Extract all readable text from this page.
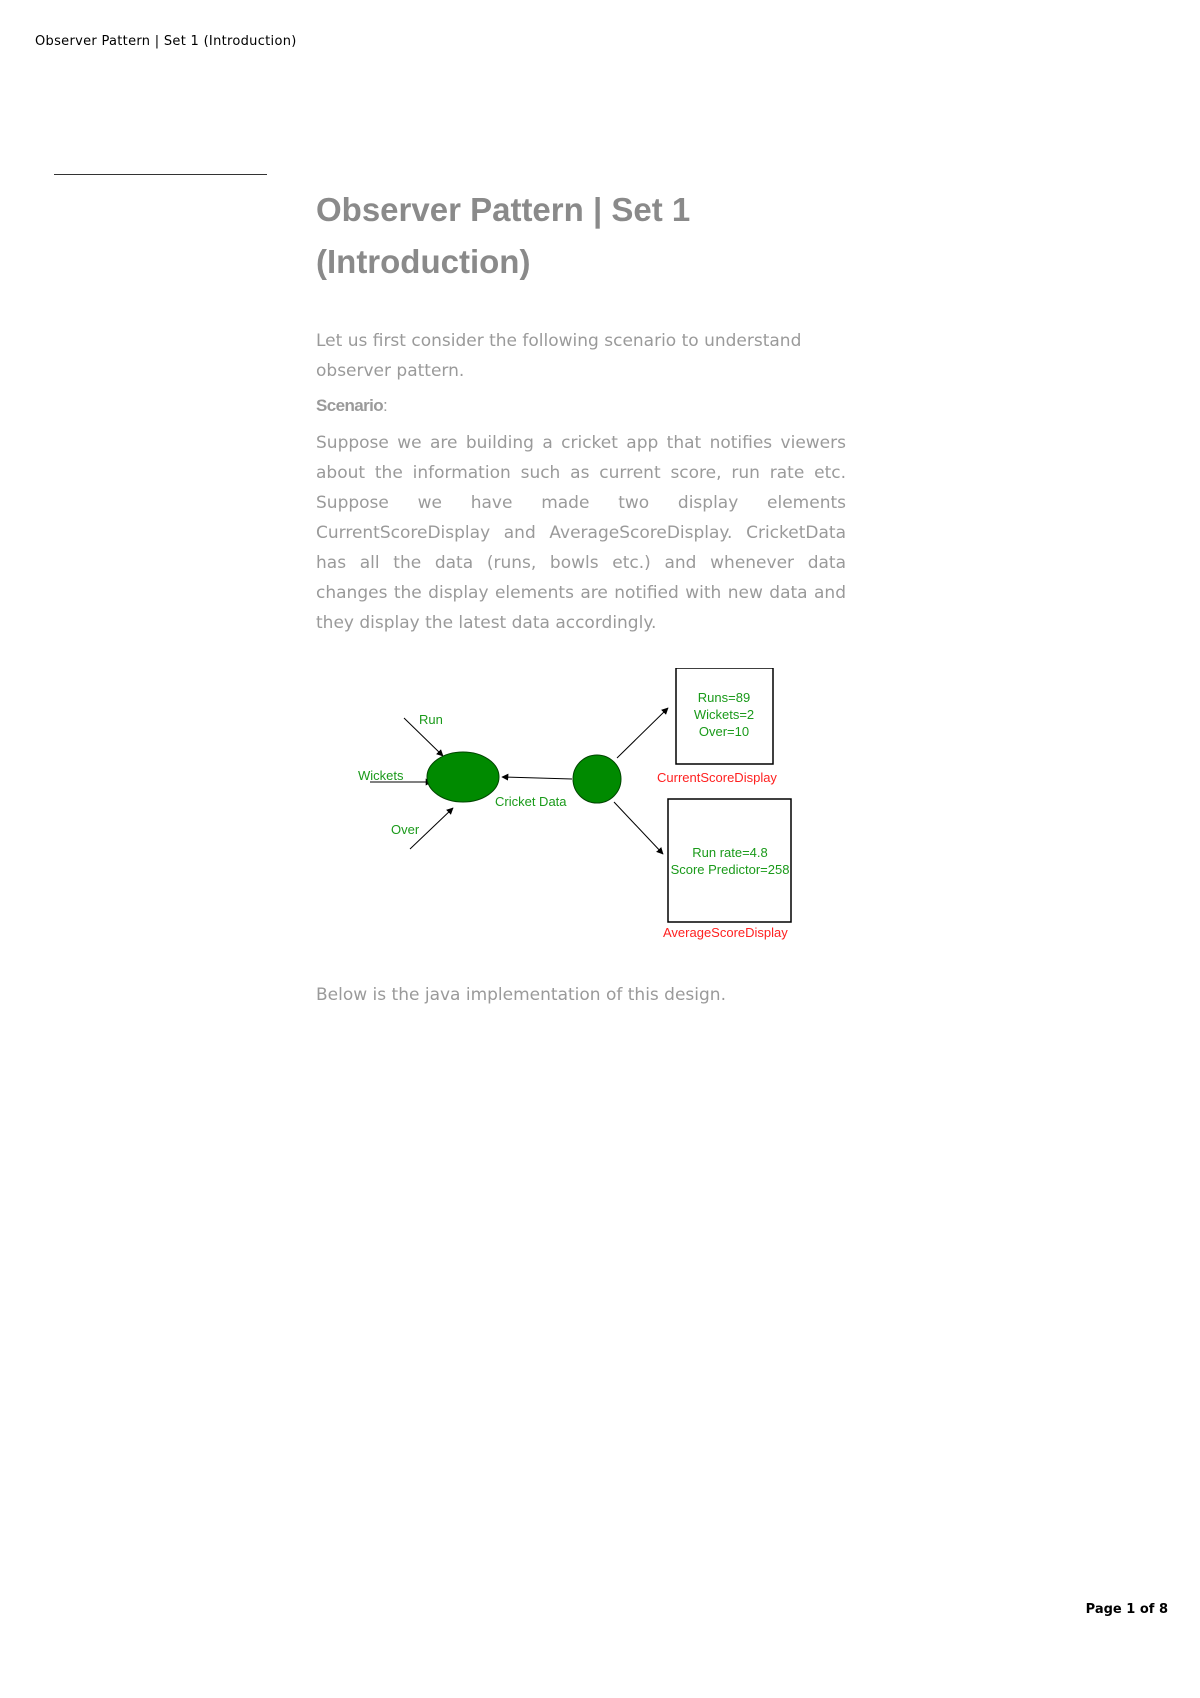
Observer Pattern | Set 1 (Introduction)
Observer Pattern | Set 1
(Introduction)

Let us first consider the following scenario to understand observer pattern.

Scenario:

Suppose we are building a cricket app that notifies viewers about the information such as current score, run rate etc. Suppose we have made two display elements CurrentScoreDisplay and AverageScoreDisplay. CricketData has all the data (runs, bowls etc.) and whenever data changes the display elements are notified with new data and they display the latest data accordingly.

Run
Wickets
Over
Cricket Data
Runs=89
Wickets=2
Over=10
CurrentScoreDisplay
Run rate=4.8
Score Predictor=258
AverageScoreDisplay

Below is the java implementation of this design.

Page 1 of 8
